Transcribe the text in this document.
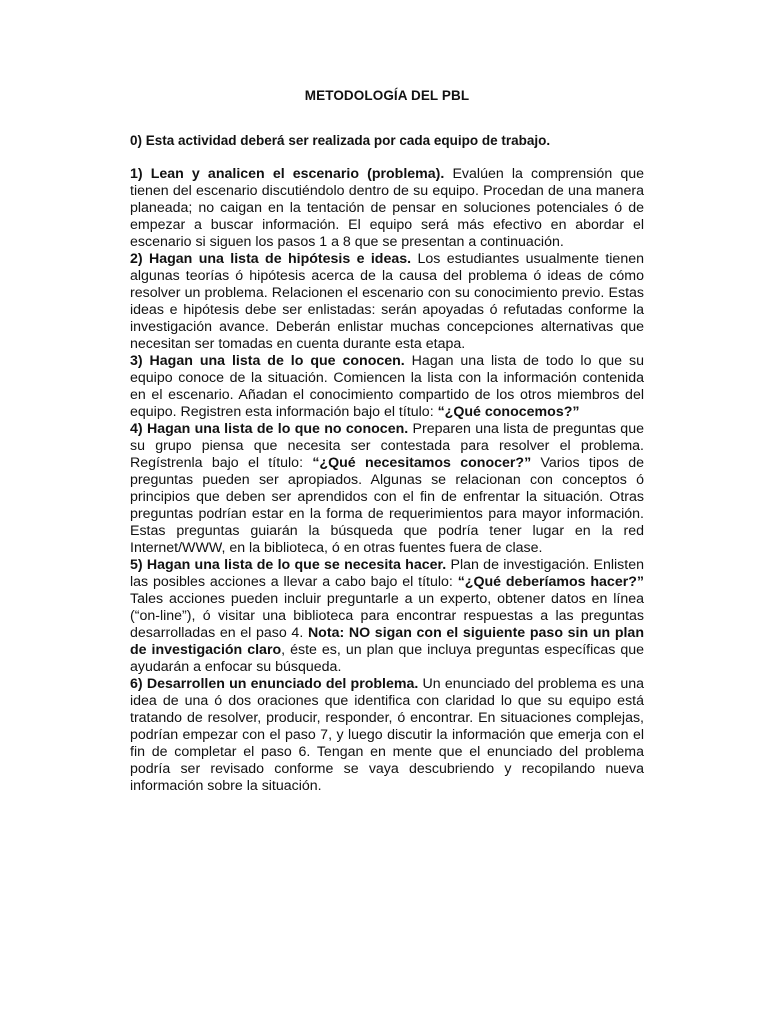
METODOLOGÍA DEL PBL
0) Esta actividad deberá ser realizada por cada equipo de trabajo.

1) Lean y analicen el escenario (problema). Evalúen la comprensión que tienen del escenario discutiéndolo dentro de su equipo. Procedan de una manera planeada; no caigan en la tentación de pensar en soluciones potenciales ó de empezar a buscar información. El equipo será más efectivo en abordar el escenario si siguen los pasos 1 a 8 que se presentan a continuación.

2) Hagan una lista de hipótesis e ideas. Los estudiantes usualmente tienen algunas teorías ó hipótesis acerca de la causa del problema ó ideas de cómo resolver un problema. Relacionen el escenario con su conocimiento previo. Estas ideas e hipótesis debe ser enlistadas: serán apoyadas ó refutadas conforme la investigación avance. Deberán enlistar muchas concepciones alternativas que necesitan ser tomadas en cuenta durante esta etapa.

3) Hagan una lista de lo que conocen. Hagan una lista de todo lo que su equipo conoce de la situación. Comiencen la lista con la información contenida en el escenario. Añadan el conocimiento compartido de los otros miembros del equipo. Registren esta información bajo el título: “¿Qué conocemos?”

4) Hagan una lista de lo que no conocen. Preparen una lista de preguntas que su grupo piensa que necesita ser contestada para resolver el problema. Regístrenla bajo el título: “¿Qué necesitamos conocer?” Varios tipos de preguntas pueden ser apropiados. Algunas se relacionan con conceptos ó principios que deben ser aprendidos con el fin de enfrentar la situación. Otras preguntas podrían estar en la forma de requerimientos para mayor información. Estas preguntas guiarán la búsqueda que podría tener lugar en la red Internet/WWW, en la biblioteca, ó en otras fuentes fuera de clase.

5) Hagan una lista de lo que se necesita hacer. Plan de investigación. Enlisten las posibles acciones a llevar a cabo bajo el título: “¿Qué deberíamos hacer?” Tales acciones pueden incluir preguntarle a un experto, obtener datos en línea (“on-line”), ó visitar una biblioteca para encontrar respuestas a las preguntas desarrolladas en el paso 4. Nota: NO sigan con el siguiente paso sin un plan de investigación claro, éste es, un plan que incluya preguntas específicas que ayudarán a enfocar su búsqueda.

6) Desarrollen un enunciado del problema. Un enunciado del problema es una idea de una ó dos oraciones que identifica con claridad lo que su equipo está tratando de resolver, producir, responder, ó encontrar. En situaciones complejas, podrían empezar con el paso 7, y luego discutir la información que emerja con el fin de completar el paso 6. Tengan en mente que el enunciado del problema podría ser revisado conforme se vaya descubriendo y recopilando nueva información sobre la situación.
